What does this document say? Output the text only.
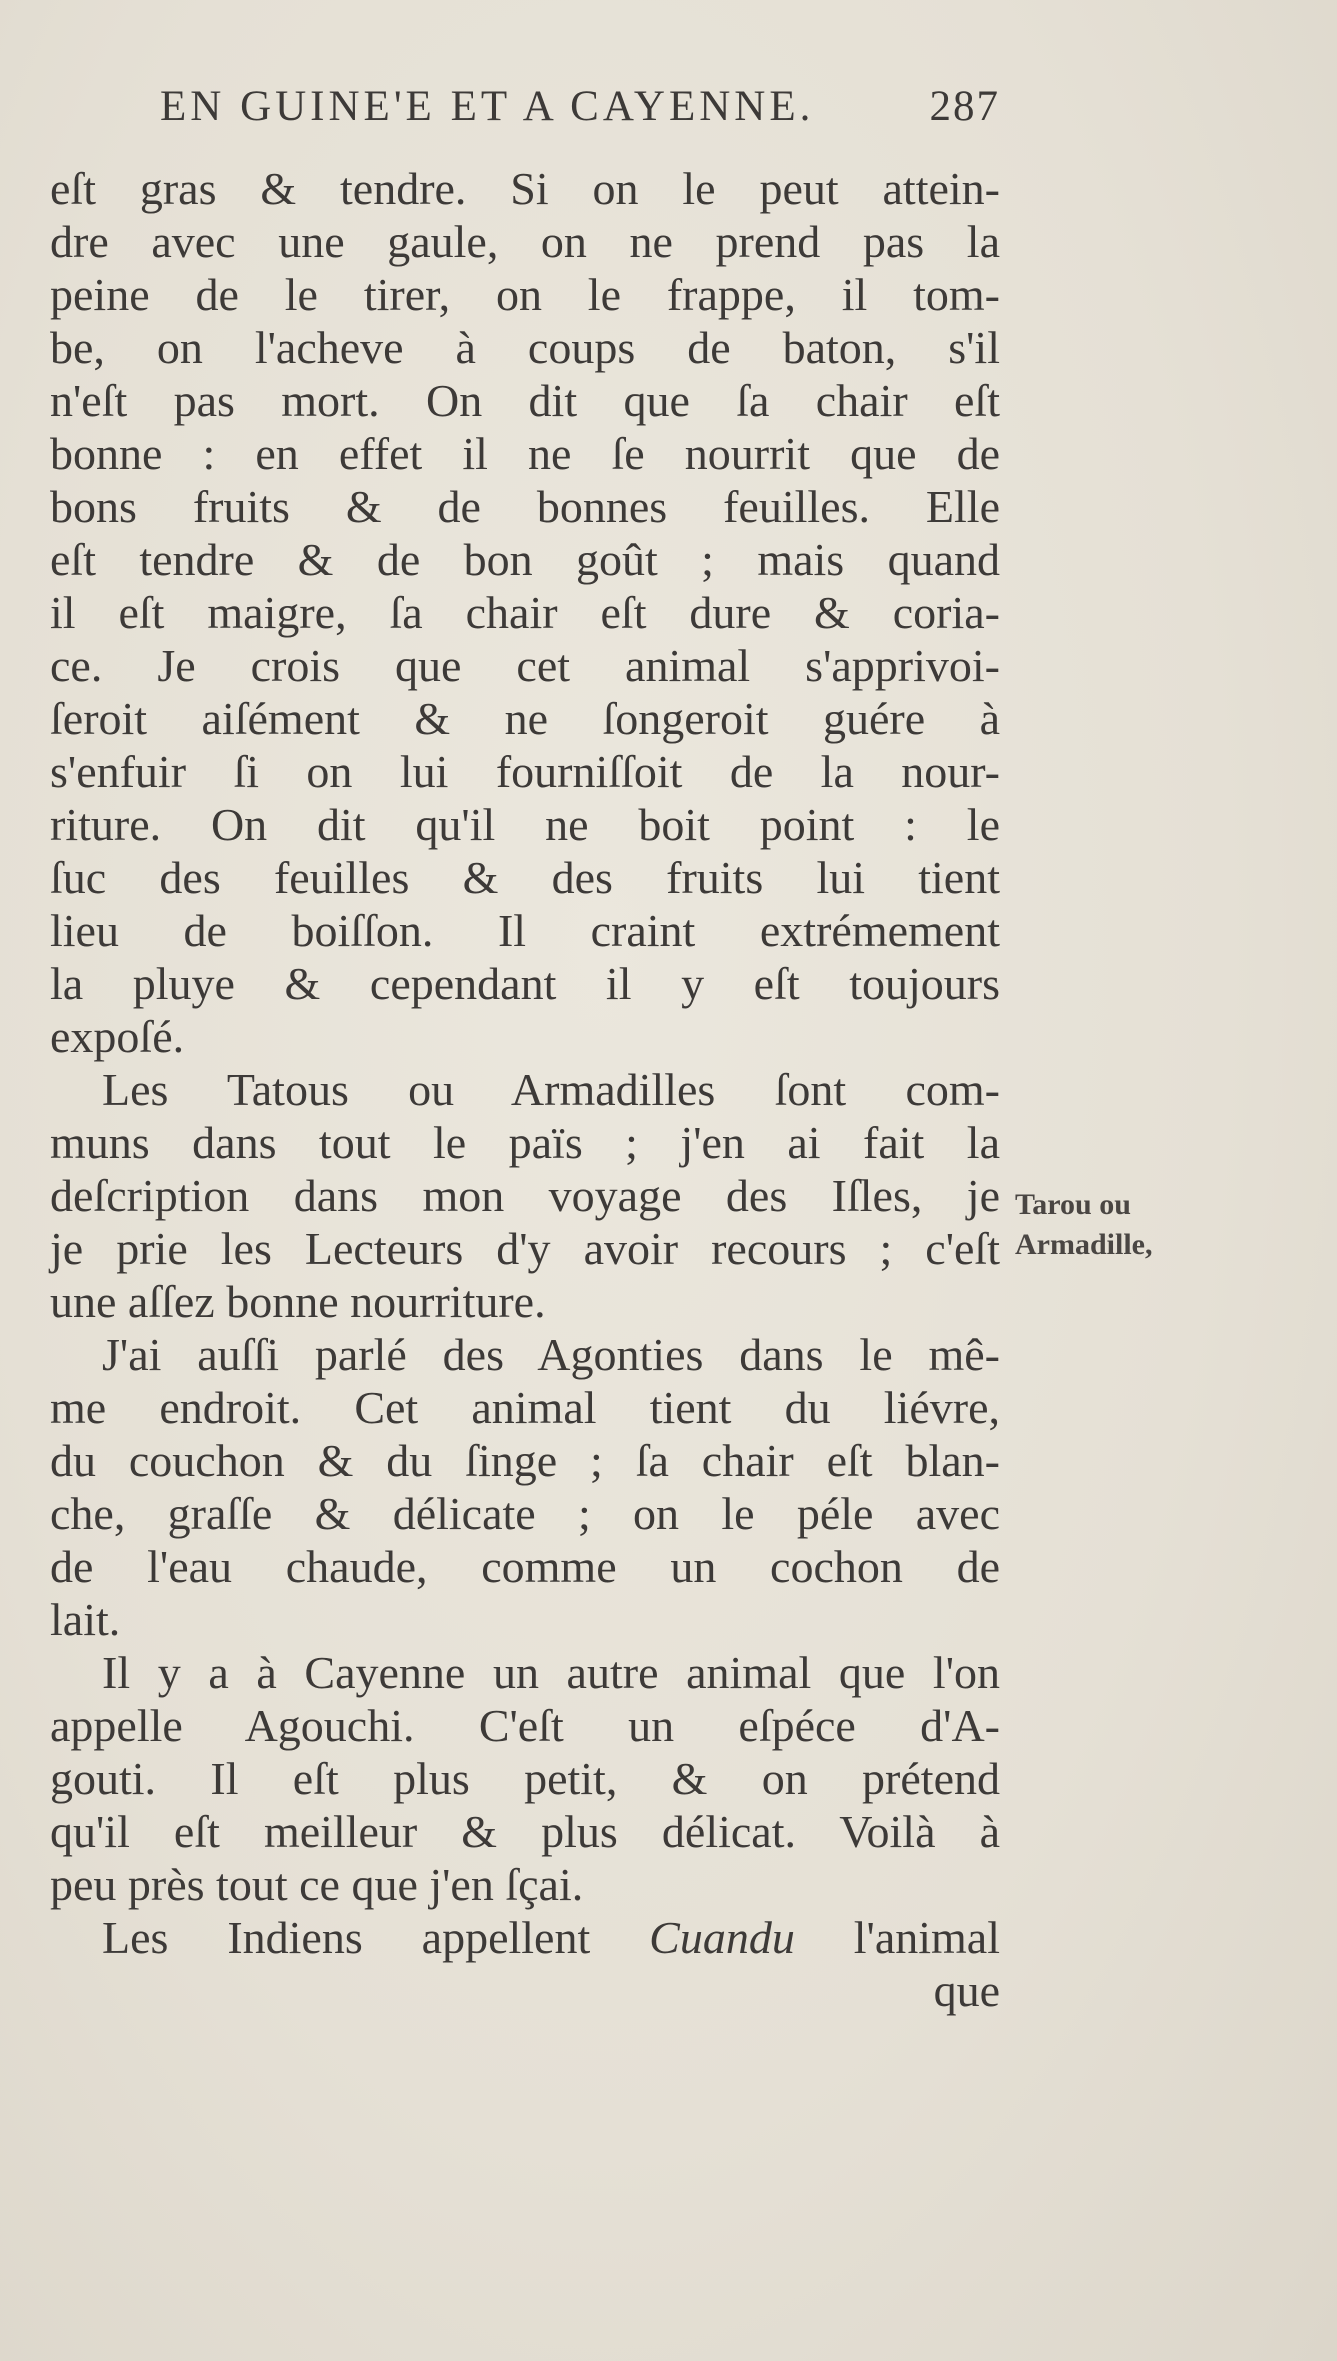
EN GUINE'E ET A CAYENNE.	287
eſt gras & tendre. Si on le peut attein-
dre avec une gaule, on ne prend pas la
peine de le tirer, on le frappe, il tom-
be, on l'acheve à coups de baton, s'il
n'eſt pas mort. On dit que ſa chair eſt
bonne : en effet il ne ſe nourrit que de
bons fruits & de bonnes feuilles. Elle
eſt tendre & de bon goût ; mais quand
il eſt maigre, ſa chair eſt dure & coria-
ce. Je crois que cet animal s'apprivoi-
ſeroit aiſément & ne ſongeroit guére à
s'enfuir ſi on lui fourniſſoit de la nour-
riture. On dit qu'il ne boit point : le
ſuc des feuilles & des fruits lui tient
lieu de boiſſon. Il craint extrémement
la pluye & cependant il y eſt toujours
expoſé.
Les Tatous ou Armadilles ſont com-
muns dans tout le païs ; j'en ai fait la
deſcription dans mon voyage des Iſles, je
je prie les Lecteurs d'y avoir recours ; c'eſt
une aſſez bonne nourriture.
J'ai auſſi parlé des Agonties dans le mê-
me endroit. Cet animal tient du liévre,
du couchon & du ſinge ; ſa chair eſt blan-
che, graſſe & délicate ; on le péle avec
de l'eau chaude, comme un cochon de
lait.
Il y a à Cayenne un autre animal que l'on
appelle Agouchi. C'eſt un eſpéce d'A-
gouti. Il eſt plus petit, & on prétend
qu'il eſt meilleur & plus délicat. Voilà à
peu près tout ce que j'en ſçai.
Les Indiens appellent Cuandu l'animal
que
Tarou ou
Armadille,
